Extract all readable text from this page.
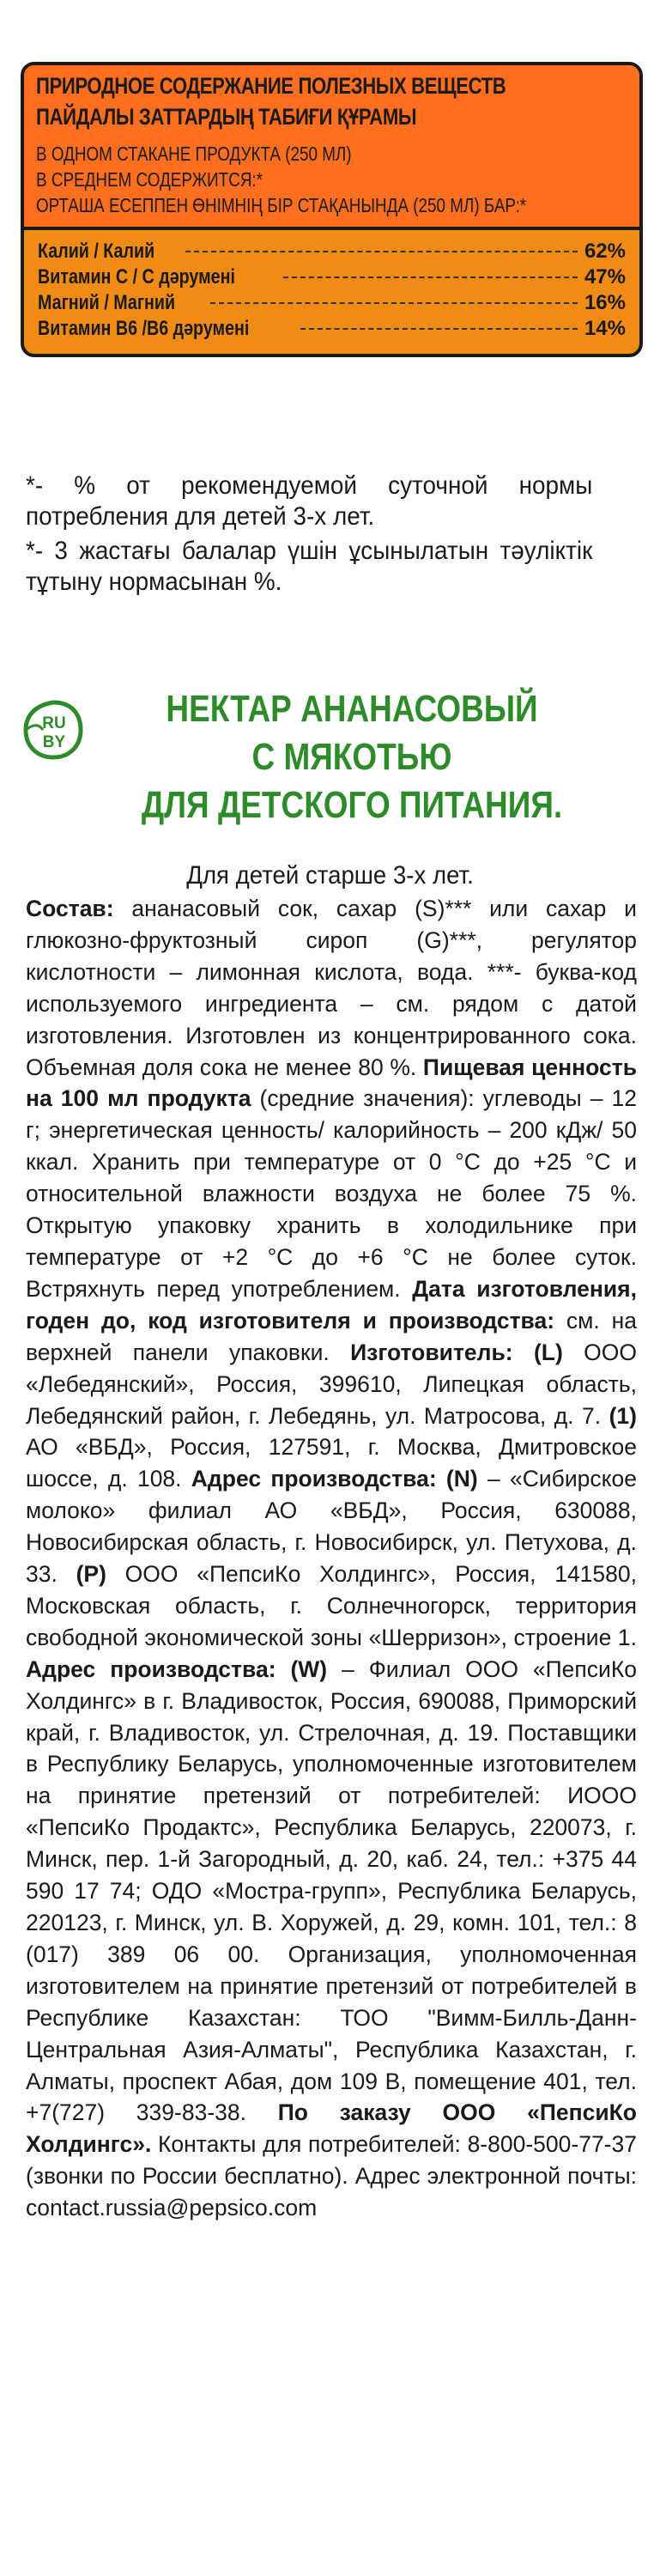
ПРИРОДНОЕ СОДЕРЖАНИЕ ПОЛЕЗНЫХ ВЕЩЕСТВ
ПАЙДАЛЫ ЗАТТАРДЫҢ ТАБИҒИ ҚҰРАМЫ
В ОДНОМ СТАКАНЕ ПРОДУКТА (250 МЛ)
В СРЕДНЕМ СОДЕРЖИТСЯ:*
ОРТАША ЕСЕППЕН ӨНІМНІҢ БІР СТАҚАНЫНДА (250 МЛ) БАР:*
Калий / Калий	62%
Витамин С / С дәрумені	47%
Магний / Магний	16%
Витамин В6 /В6 дәрумені	14%
*- % от рекомендуемой суточной нормы потребления для детей 3-х лет.
*- 3 жастағы балалар үшін ұсынылатын тәуліктік тұтыну нормасынан %.
RU
BY
НЕКТАР АНАНАСОВЫЙ
С МЯКОТЬЮ
ДЛЯ ДЕТСКОГО ПИТАНИЯ.
Для детей старше 3-х лет.
Состав: ананасовый сок, сахар (S)*** или сахар и глюкозно-фруктозный сироп (G)***, регулятор кислотности – лимонная кислота, вода. ***- буква-код используемого ингредиента – см. рядом с датой изготовления. Изготовлен из концентрированного сока. Объемная доля сока не менее 80 %. Пищевая ценность на 100 мл продукта (средние значения): углеводы – 12 г; энергетическая ценность/ калорийность – 200 кДж/ 50 ккал. Хранить при температуре от 0 °С до +25 °С и относительной влажности воздуха не более 75 %. Открытую упаковку хранить в холодильнике при температуре от +2 °С до +6 °С не более суток. Встряхнуть перед употреблением. Дата изготовления, годен до, код изготовителя и производства: см. на верхней панели упаковки. Изготовитель: (L) ООО «Лебедянский», Россия, 399610, Липецкая область, Лебедянский район, г. Лебедянь, ул. Матросова, д. 7. (1) АО «ВБД», Россия, 127591, г. Москва, Дмитровское шоссе, д. 108. Адрес производства: (N) – «Сибирское молоко» филиал АО «ВБД», Россия, 630088, Новосибирская область, г. Новосибирск, ул. Петухова, д. 33. (P) ООО «ПепсиКо Холдингс», Россия, 141580, Московская область, г. Солнечногорск, территория свободной экономической зоны «Шерризон», строение 1. Адрес производства: (W) – Филиал ООО «ПепсиКо Холдингс» в г. Владивосток, Россия, 690088, Приморский край, г. Владивосток, ул. Стрелочная, д. 19. Поставщики в Республику Беларусь, уполномоченные изготовителем на принятие претензий от потребителей: ИООО «ПепсиКо Продактс», Республика Беларусь, 220073, г. Минск, пер. 1-й Загородный, д. 20, каб. 24, тел.: +375 44 590 17 74; ОДО «Мостра-групп», Республика Беларусь, 220123, г. Минск, ул. В. Хоружей, д. 29, комн. 101, тел.: 8 (017) 389 06 00. Организация, уполномоченная изготовителем на принятие претензий от потребителей в Республике Казахстан: ТОО "Вимм-Билль-Данн-Центральная Азия-Алматы", Республика Казахстан, г. Алматы, проспект Абая, дом 109 В, помещение 401, тел. +7(727) 339-83-38. По заказу ООО «ПепсиКо Холдингс». Контакты для потребителей: 8-800-500-77-37 (звонки по России бесплатно). Адрес электронной почты: contact.russia@pepsico.com
